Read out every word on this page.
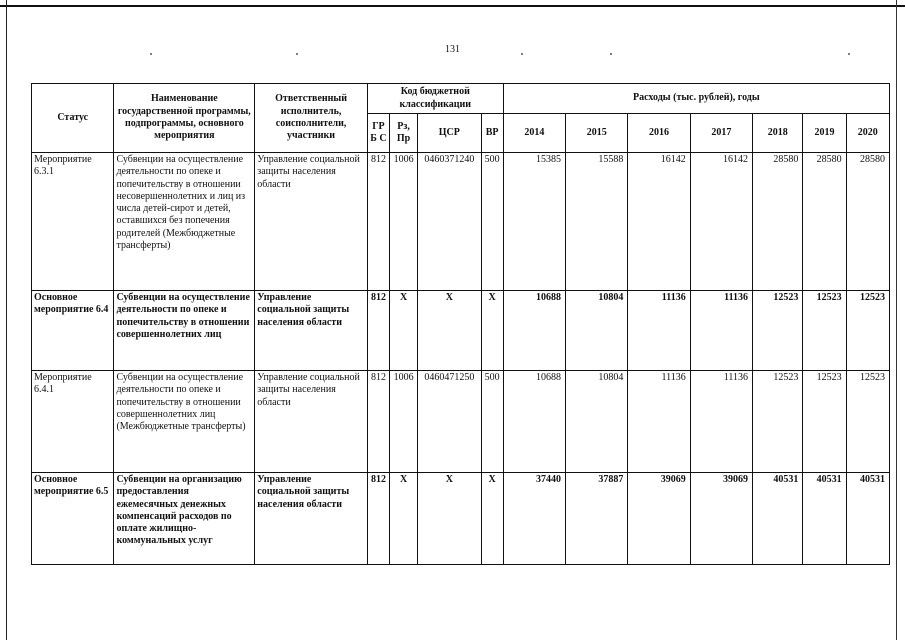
131
Статус	Наименование государственной программы, подпрограммы, основного мероприятия	Ответственный исполнитель, соисполнители, участники	Код бюджетной классификации				Расходы (тыс. рублей), годы						
			ГРБ С	Рз, Пр	ЦСР	ВР	2014	2015	2016	2017	2018	2019	2020
Мероприятие 6.3.1	Субвенции на осуществление деятельности по опеке и попечительству в отношении несовершеннолетних и лиц из числа детей-сирот и детей, оставшихся без попечения родителей (Межбюджетные трансферты)	Управление социальной защиты населения области	812	1006	0460371240	500	15385	15588	16142	16142	28580	28580	28580
Основное мероприятие 6.4	Субвенции на осуществление деятельности по опеке и попечительству в отношении совершеннолетних лиц	Управление социальной защиты населения области	812	X	X	X	10688	10804	11136	11136	12523	12523	12523
Мероприятие 6.4.1	Субвенции на осуществление деятельности по опеке и попечительству в отношении совершеннолетних лиц (Межбюджетные трансферты)	Управление социальной защиты населения области	812	1006	0460471250	500	10688	10804	11136	11136	12523	12523	12523
Основное мероприятие 6.5	Субвенции на организацию предоставления ежемесячных денежных компенсаций расходов по оплате жилищно-коммунальных услуг	Управление социальной защиты населения области	812	X	X	X	37440	37887	39069	39069	40531	40531	40531
